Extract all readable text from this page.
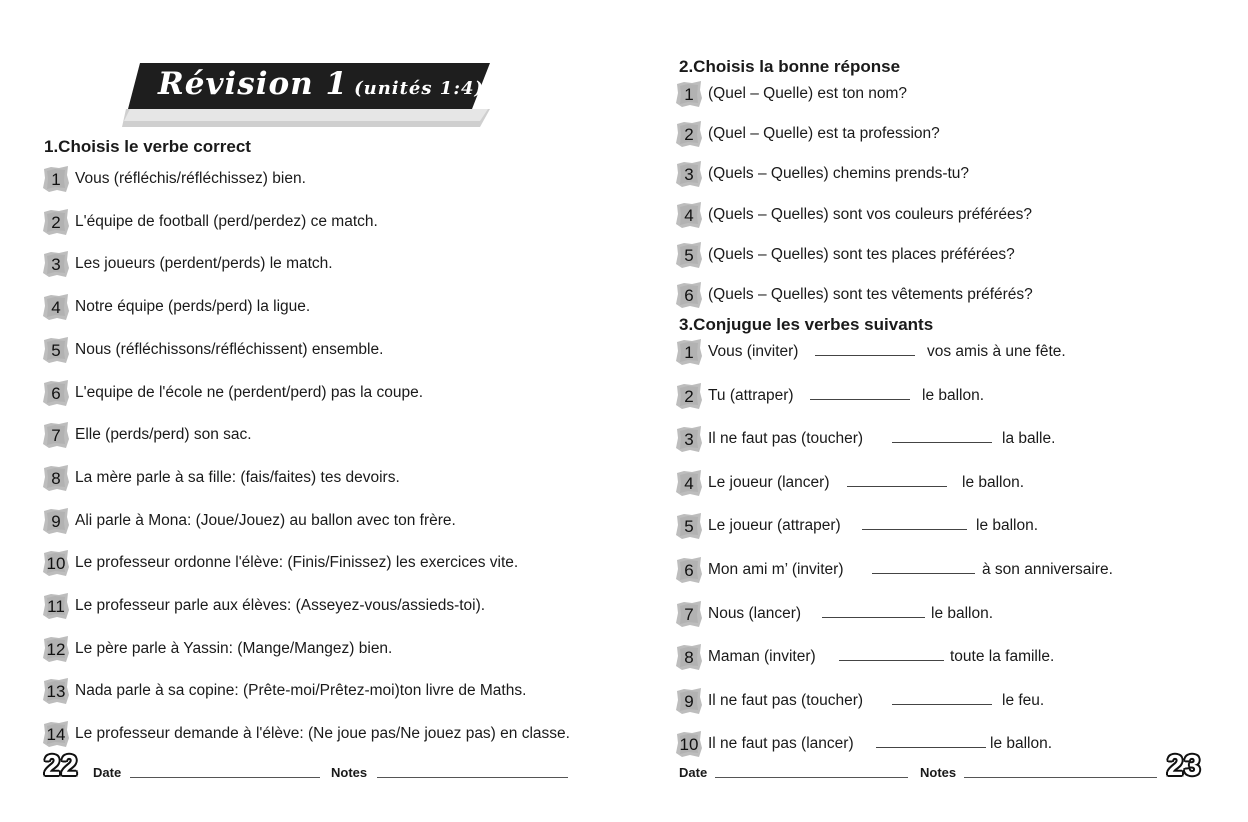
Révision 1 (unités 1:4)
1.Choisis le verbe correct
1 Vous (réfléchis/réfléchissez) bien.
2 L'équipe de football (perd/perdez) ce match.
3 Les joueurs (perdent/perds) le match.
4 Notre équipe (perds/perd) la ligue.
5 Nous (réfléchissons/réfléchissent) ensemble.
6 L'equipe de l'école ne (perdent/perd) pas la coupe.
7 Elle (perds/perd) son sac.
8 La mère parle à sa fille: (fais/faites) tes devoirs.
9 Ali parle à Mona: (Joue/Jouez) au ballon avec ton frère.
10 Le professeur ordonne l'élève: (Finis/Finissez) les exercices vite.
11 Le professeur parle aux élèves: (Asseyez-vous/assieds-toi).
12 Le père parle à Yassin: (Mange/Mangez) bien.
13 Nada parle à sa copine: (Prête-moi/Prêtez-moi)ton livre de Maths.
14 Le professeur demande à l'élève: (Ne joue pas/Ne jouez pas) en classe.
22 Date	Notes
2.Choisis la bonne réponse
1 (Quel – Quelle) est ton nom?
2 (Quel – Quelle) est ta profession?
3 (Quels – Quelles) chemins prends-tu?
4 (Quels – Quelles) sont vos couleurs préférées?
5 (Quels – Quelles) sont tes places préférées?
6 (Quels – Quelles) sont tes vêtements préférés?
3.Conjugue les verbes suivants
1 Vous (inviter)	vos amis à une fête.
2 Tu (attraper)	le ballon.
3 Il ne faut pas (toucher)	la balle.
4 Le joueur (lancer)	le ballon.
5 Le joueur (attraper)	le ballon.
6 Mon ami m’ (inviter)	à son anniversaire.
7 Nous (lancer)	le ballon.
8 Maman (inviter)	toute la famille.
9 Il ne faut pas (toucher)	le feu.
10 Il ne faut pas (lancer)	le ballon.
Date	Notes	23
